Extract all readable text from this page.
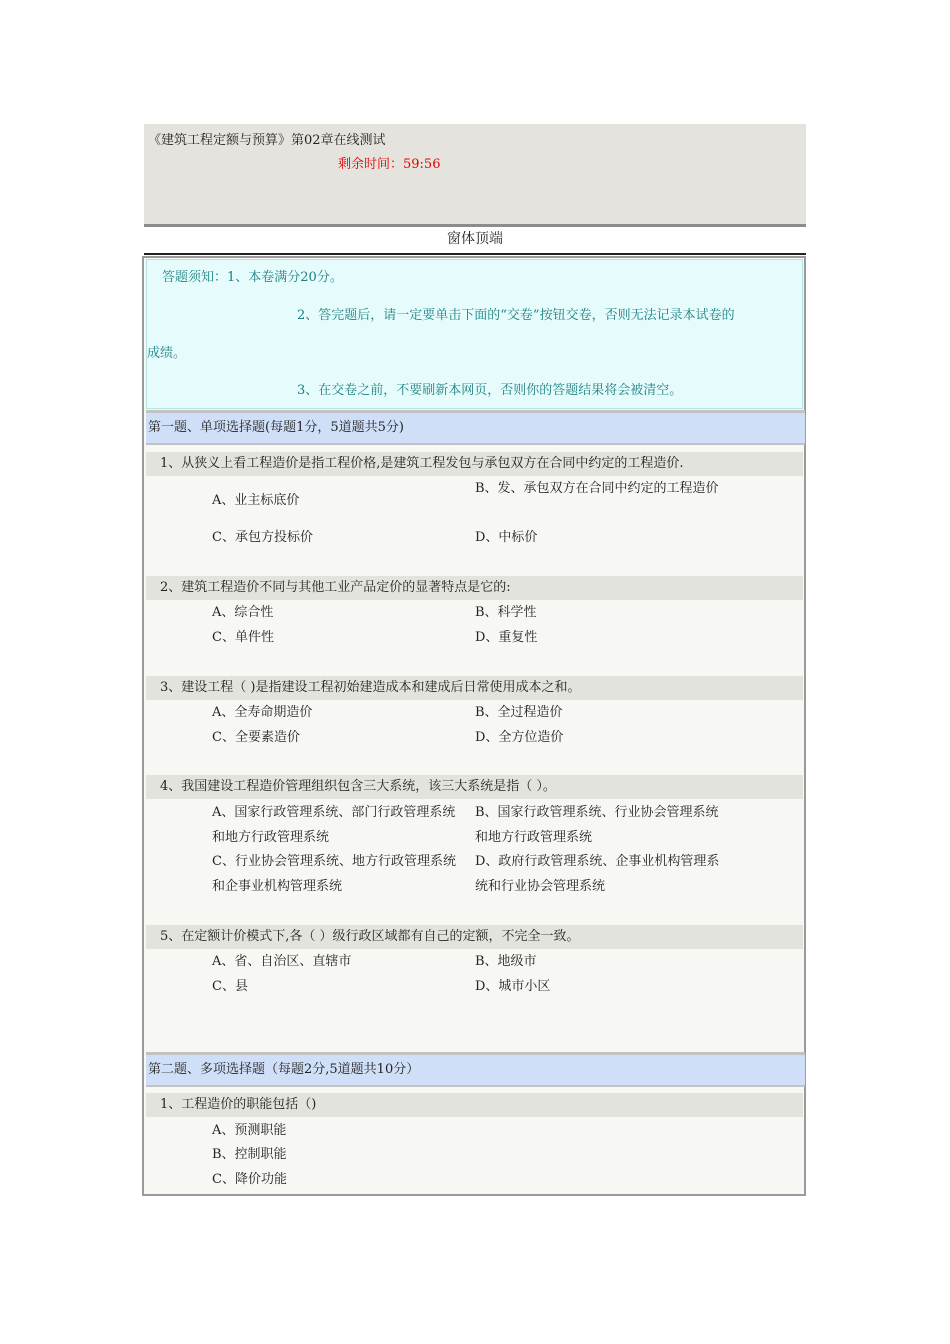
《建筑工程定额与预算》第02章在线测试
剩余时间：59:56
窗体顶端
答题须知：1、本卷满分20分。
2、答完题后，请一定要单击下面的“交卷”按钮交卷，否则无法记录本试卷的
成绩。
3、在交卷之前，不要刷新本网页，否则你的答题结果将会被清空。
第一题、单项选择题(每题1分，5道题共5分)
1、从狭义上看工程造价是指工程价格,是建筑工程发包与承包双方在合同中约定的工程造价.
A、业主标底价
B、发、承包双方在合同中约定的工程造价
C、承包方投标价	D、中标价
2、建筑工程造价不同与其他工业产品定价的显著特点是它的:
A、综合性	B、科学性
C、单件性	D、重复性
3、建设工程（ )是指建设工程初始建造成本和建成后日常使用成本之和。
A、全寿命期造价	B、全过程造价
C、全要素造价	D、全方位造价
4、我国建设工程造价管理组织包含三大系统，该三大系统是指（ ）。
A、国家行政管理系统、部门行政管理系统和地方行政管理系统
B、国家行政管理系统、行业协会管理系统和地方行政管理系统
C、行业协会管理系统、地方行政管理系统和企事业机构管理系统
D、政府行政管理系统、企事业机构管理系统和行业协会管理系统
5、在定额计价模式下,各（ ）级行政区域都有自己的定额，不完全一致。
A、省、自治区、直辖市	B、地级市
C、县	D、城市小区
第二题、多项选择题（每题2分,5道题共10分）
1、工程造价的职能包括（)
A、预测职能
B、控制职能
C、降价功能
